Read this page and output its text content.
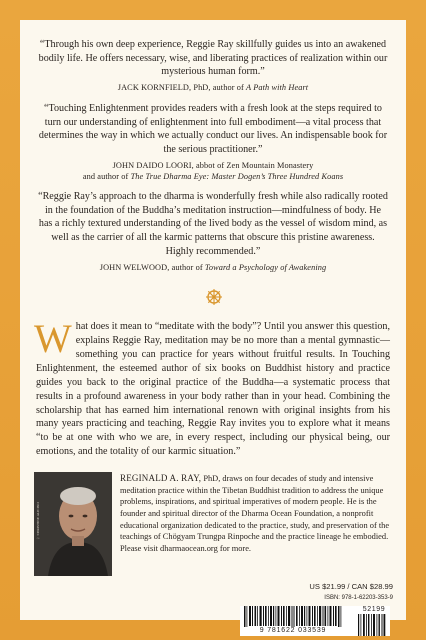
“Through his own deep experience, Reggie Ray skillfully guides us into an awakened bodily life. He offers necessary, wise, and liberating practices of realization within our mysterious human form.”

JACK KORNFIELD, PhD, author of A Path with Heart

“Touching Enlightenment provides readers with a fresh look at the steps required to turn our understanding of enlightenment into full embodiment—a vital process that determines the way in which we actually conduct our lives. An indispensable book for the serious practitioner.”

JOHN DAIDO LOORI, abbot of Zen Mountain Monastery
and author of The True Dharma Eye: Master Dogen’s Three Hundred Koans

“Reggie Ray’s approach to the dharma is wonderfully fresh while also radically rooted in the foundation of the Buddha’s meditation instruction—mindfulness of body. He has a richly textured understanding of the lived body as the vessel of wisdom mind, as well as the carrier of all the karmic patterns that obscure this pristine awareness. Highly recommended.”

JOHN WELWOOD, author of Toward a Psychology of Awakening
What does it mean to “meditate with the body”? Until you answer this question, explains Reggie Ray, meditation may be no more than a mental gymnastic—something you can practice for years without fruitful results. In Touching Enlightenment, the esteemed author of six books on Buddhist history and practice guides you back to the original practice of the Buddha—a systematic process that results in a profound awareness in your body rather than in your head. Combining the scholarship that has earned him international renown with original insights from his many years practicing and teaching, Reggie Ray invites you to explore what it means “to be at one with who we are, in every respect, including our physical being, our emotions, and the totality of our karmic situation.”
© CHRISTINE ALICINO
REGINALD A. RAY, PhD, draws on four decades of study and intensive meditation practice within the Tibetan Buddhist tradition to address the unique problems, inspirations, and spiritual imperatives of modern people. He is the founder and spiritual director of the Dharma Ocean Foundation, a nonprofit educational organization dedicated to the practice, study, and preservation of the teachings of Chögyam Trungpa Rinpoche and the practice lineage he embodied. Please visit dharmaocean.org for more.
US $21.99 / CAN $28.99
ISBN: 978-1-62203-353-9
9 781622 033539
52199
